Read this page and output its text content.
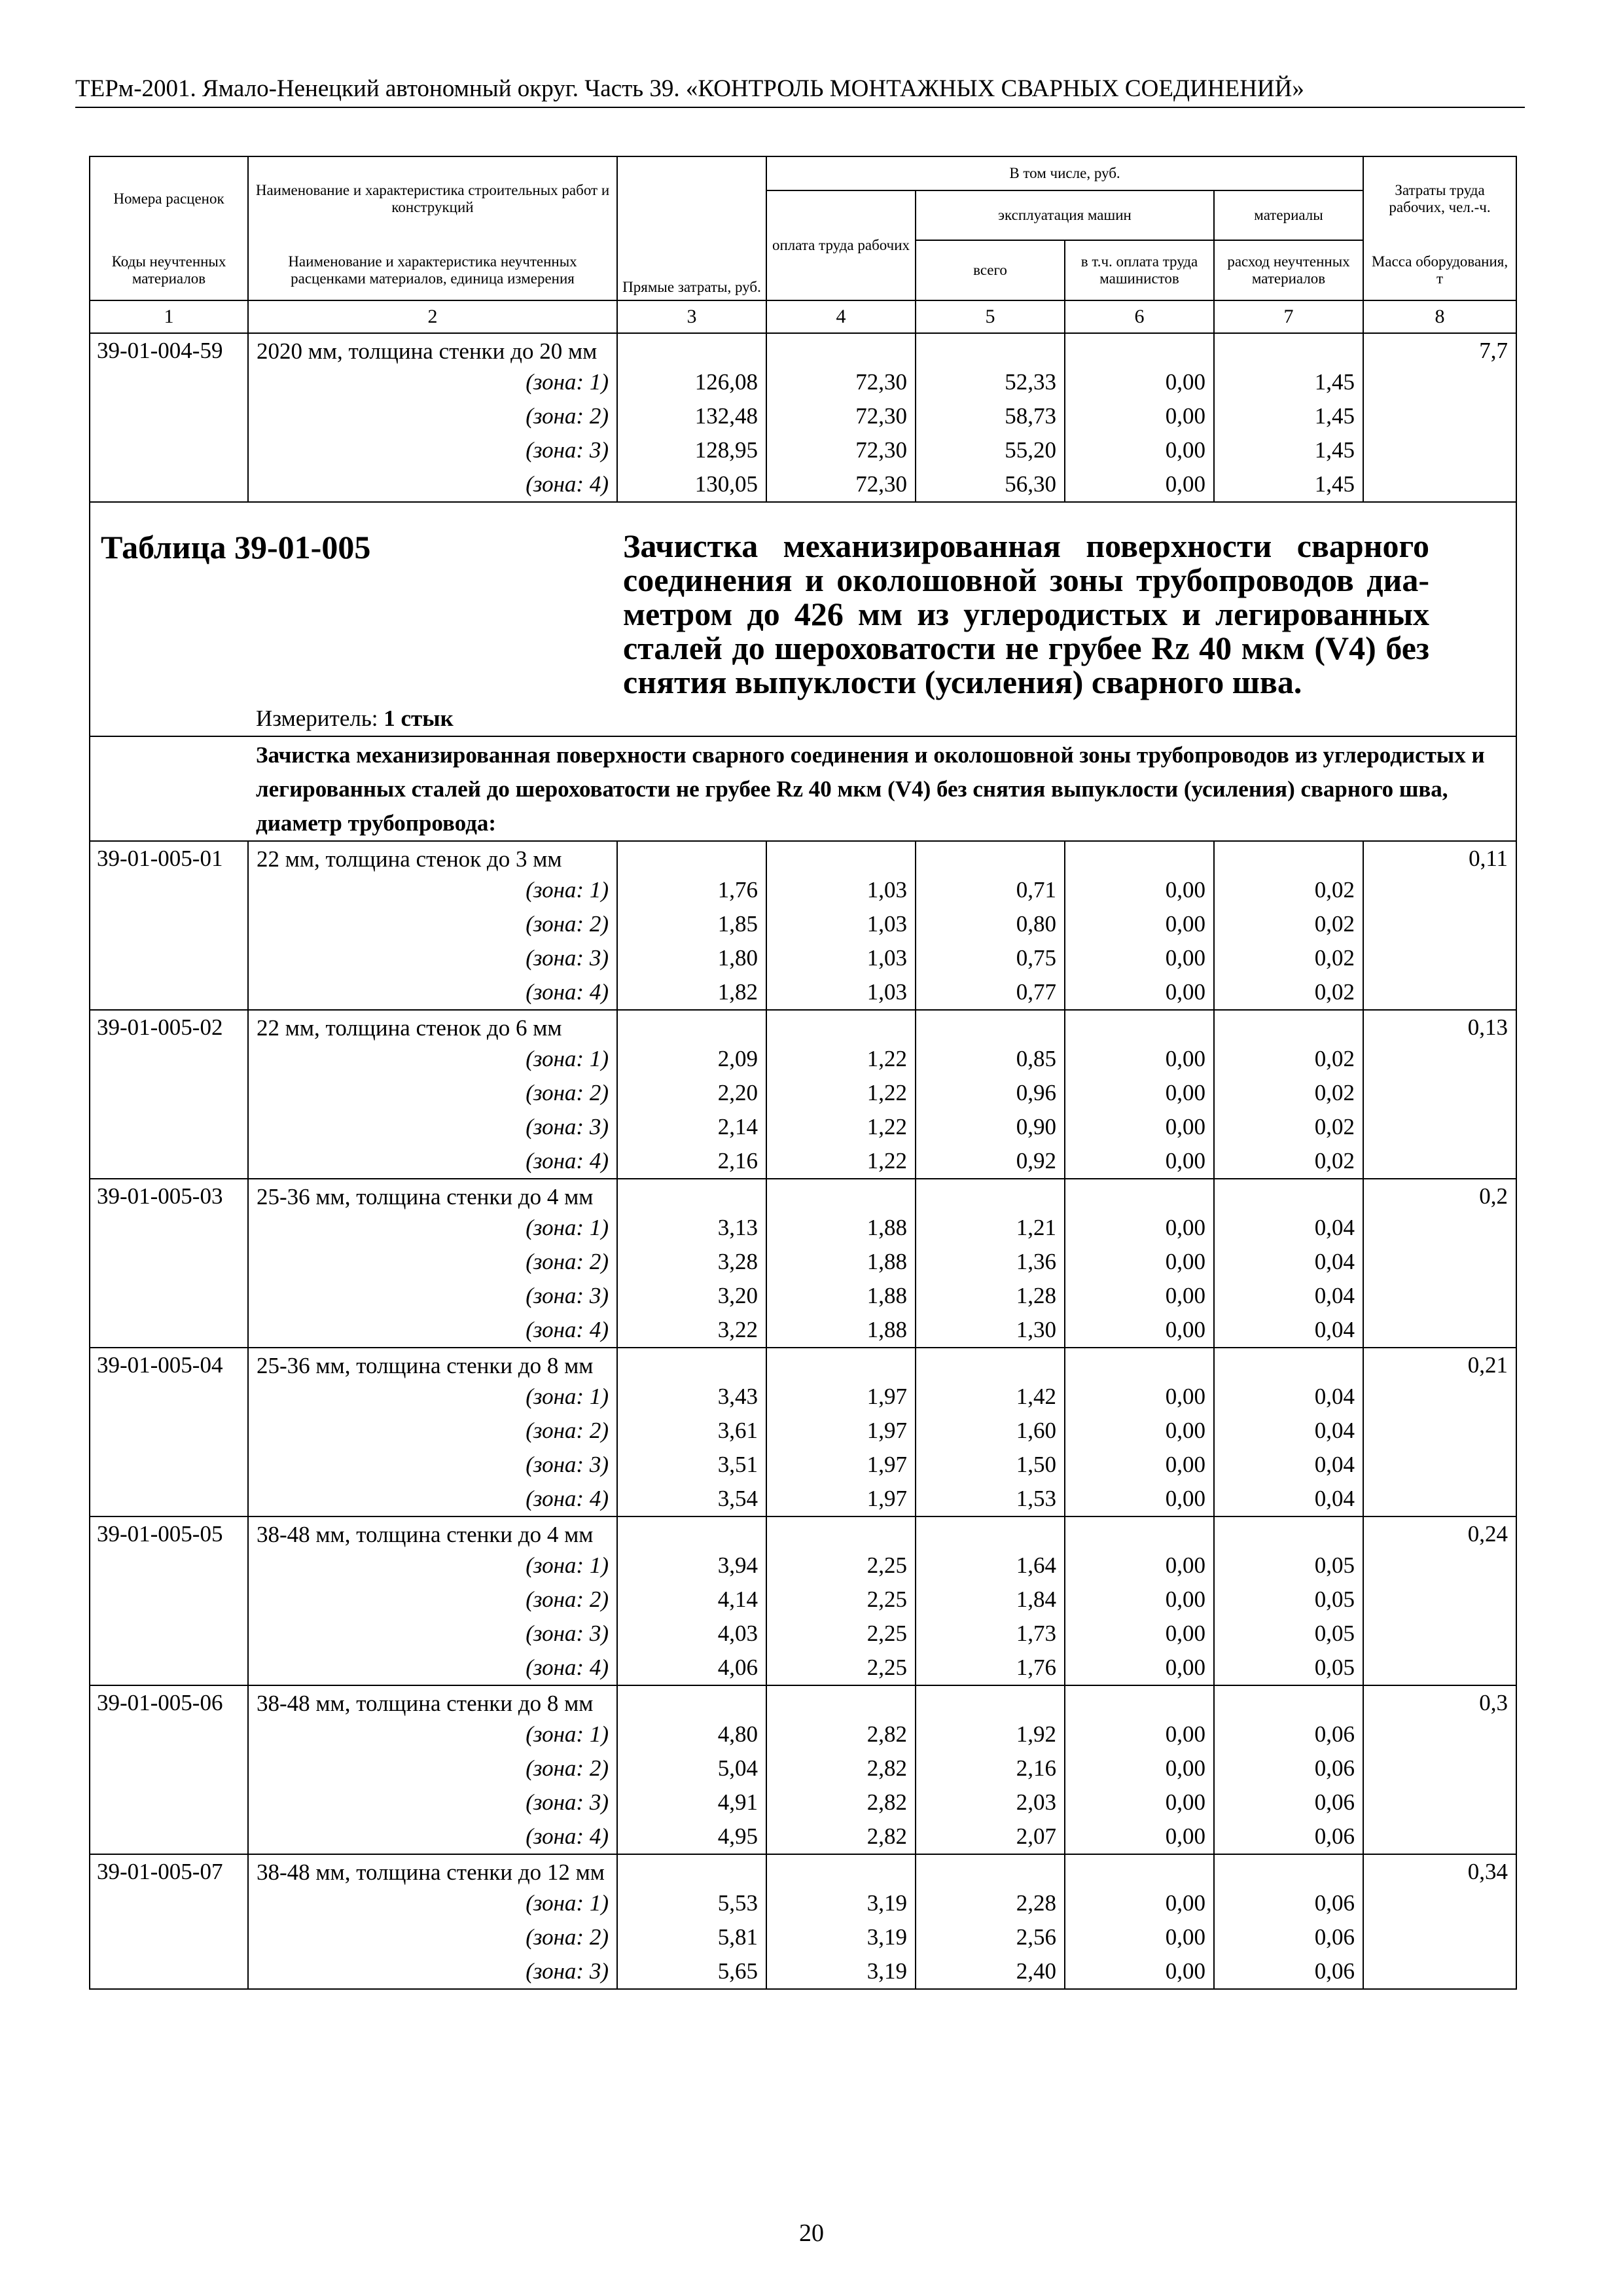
ТЕРм-2001. Ямало-Ненецкий автономный округ. Часть 39. «КОНТРОЛЬ МОНТАЖНЫХ СВАРНЫХ СОЕДИНЕНИЙ»
Номера расценок	Наименование и характеристика строительных работ и конструкций	Прямые затраты, руб.	В том числе, руб.				Затраты труда рабочих, чел.-ч.
			оплата труда рабочих	эксплуатация машин		материалы	
Коды неучтенных материалов	Наименование и характеристика неучтенных расценками материалов, единица измерения			всего	в т.ч. оплата труда машинистов	расход неучтенных материалов	Масса оборудования, т
1	2	3	4	5	6	7	8
39-01-004-59	2020 мм, толщина стенки до 20 мм						7,7
	(зона: 1)	126,08	72,30	52,33	0,00	1,45	
	(зона: 2)	132,48	72,30	58,73	0,00	1,45	
	(зона: 3)	128,95	72,30	55,20	0,00	1,45	
	(зона: 4)	130,05	72,30	56,30	0,00	1,45	

Таблица 39-01-005 Зачистка механизированная поверхности сварного соединения и околошовной зоны трубопроводов диаметром до 426 мм из углеродистых и легированных сталей до шероховатости не грубее Rz 40 мкм (V4) без снятия выпуклости (усиления) сварного шва.
Измеритель: 1 стык							

Зачистка механизированная поверхности сварного соединения и околошовной зоны трубопроводов из углеродистых и легированных сталей до шероховатости не грубее Rz 40 мкм (V4) без снятия выпуклости (усиления) сварного шва, диаметр трубопровода:							
39-01-005-01	22 мм, толщина стенок до 3 мм						0,11
	(зона: 1)	1,76	1,03	0,71	0,00	0,02	
	(зона: 2)	1,85	1,03	0,80	0,00	0,02	
	(зона: 3)	1,80	1,03	0,75	0,00	0,02	
	(зона: 4)	1,82	1,03	0,77	0,00	0,02	
39-01-005-02	22 мм, толщина стенок до 6 мм						0,13
	(зона: 1)	2,09	1,22	0,85	0,00	0,02	
	(зона: 2)	2,20	1,22	0,96	0,00	0,02	
	(зона: 3)	2,14	1,22	0,90	0,00	0,02	
	(зона: 4)	2,16	1,22	0,92	0,00	0,02	
39-01-005-03	25-36 мм, толщина стенки до 4 мм						0,2
	(зона: 1)	3,13	1,88	1,21	0,00	0,04	
	(зона: 2)	3,28	1,88	1,36	0,00	0,04	
	(зона: 3)	3,20	1,88	1,28	0,00	0,04	
	(зона: 4)	3,22	1,88	1,30	0,00	0,04	
39-01-005-04	25-36 мм, толщина стенки до 8 мм						0,21
	(зона: 1)	3,43	1,97	1,42	0,00	0,04	
	(зона: 2)	3,61	1,97	1,60	0,00	0,04	
	(зона: 3)	3,51	1,97	1,50	0,00	0,04	
	(зона: 4)	3,54	1,97	1,53	0,00	0,04	
39-01-005-05	38-48 мм, толщина стенки до 4 мм						0,24
	(зона: 1)	3,94	2,25	1,64	0,00	0,05	
	(зона: 2)	4,14	2,25	1,84	0,00	0,05	
	(зона: 3)	4,03	2,25	1,73	0,00	0,05	
	(зона: 4)	4,06	2,25	1,76	0,00	0,05	
39-01-005-06	38-48 мм, толщина стенки до 8 мм						0,3
	(зона: 1)	4,80	2,82	1,92	0,00	0,06	
	(зона: 2)	5,04	2,82	2,16	0,00	0,06	
	(зона: 3)	4,91	2,82	2,03	0,00	0,06	
	(зона: 4)	4,95	2,82	2,07	0,00	0,06	
39-01-005-07	38-48 мм, толщина стенки до 12 мм						0,34
	(зона: 1)	5,53	3,19	2,28	0,00	0,06	
	(зона: 2)	5,81	3,19	2,56	0,00	0,06	
	(зона: 3)	5,65	3,19	2,40	0,00	0,06	
20
